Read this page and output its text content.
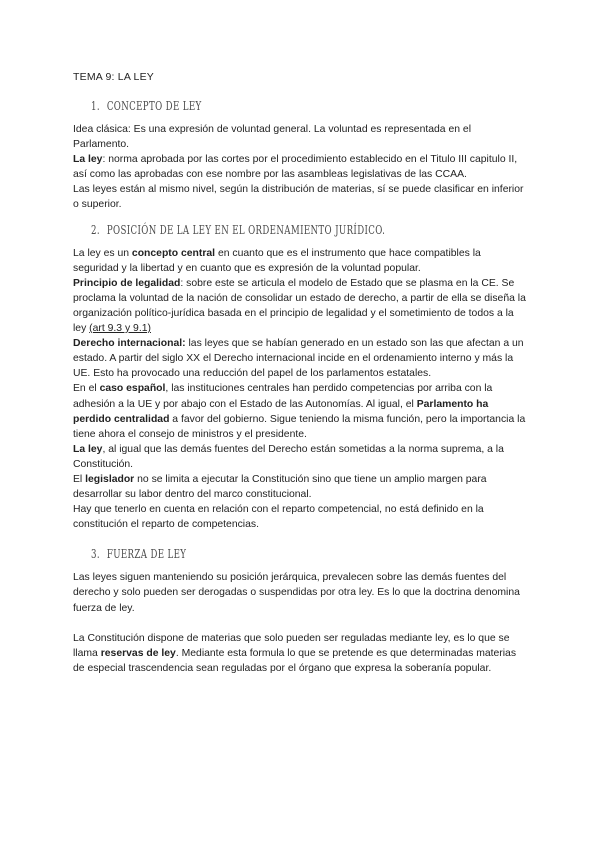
TEMA 9: LA LEY
1. CONCEPTO DE LEY

Idea clásica: Es una expresión de voluntad general. La voluntad es representada en el Parlamento.

La ley: norma aprobada por las cortes por el procedimiento establecido en el Titulo III capitulo II, así como las aprobadas con ese nombre por las asambleas legislativas de las CCAA.

Las leyes están al mismo nivel, según la distribución de materias, sí se puede clasificar en inferior o superior.

2. POSICIÓN DE LA LEY EN EL ORDENAMIENTO JURÍDICO.

La ley es un concepto central en cuanto que es el instrumento que hace compatibles la seguridad y la libertad y en cuanto que es expresión de la voluntad popular.

Principio de legalidad: sobre este se articula el modelo de Estado que se plasma en la CE. Se proclama la voluntad de la nación de consolidar un estado de derecho, a partir de ella se diseña la organización político-jurídica basada en el principio de legalidad y el sometimiento de todos a la ley (art 9.3 y 9.1)

Derecho internacional: las leyes que se habían generado en un estado son las que afectan a un estado. A partir del siglo XX el Derecho internacional incide en el ordenamiento interno y más la UE. Esto ha provocado una reducción del papel de los parlamentos estatales.

En el caso español, las instituciones centrales han perdido competencias por arriba con la adhesión a la UE y por abajo con el Estado de las Autonomías. Al igual, el Parlamento ha perdido centralidad a favor del gobierno. Sigue teniendo la misma función, pero la importancia la tiene ahora el consejo de ministros y el presidente.

La ley, al igual que las demás fuentes del Derecho están sometidas a la norma suprema, a la Constitución.

El legislador no se limita a ejecutar la Constitución sino que tiene un amplio margen para desarrollar su labor dentro del marco constitucional.

Hay que tenerlo en cuenta en relación con el reparto competencial, no está definido en la constitución el reparto de competencias.

3. FUERZA DE LEY

Las leyes siguen manteniendo su posición jerárquica, prevalecen sobre las demás fuentes del derecho y solo pueden ser derogadas o suspendidas por otra ley. Es lo que la doctrina denomina fuerza de ley.

La Constitución dispone de materias que solo pueden ser reguladas mediante ley, es lo que se llama reservas de ley. Mediante esta formula lo que se pretende es que determinadas materias de especial trascendencia sean reguladas por el órgano que expresa la soberanía popular.
